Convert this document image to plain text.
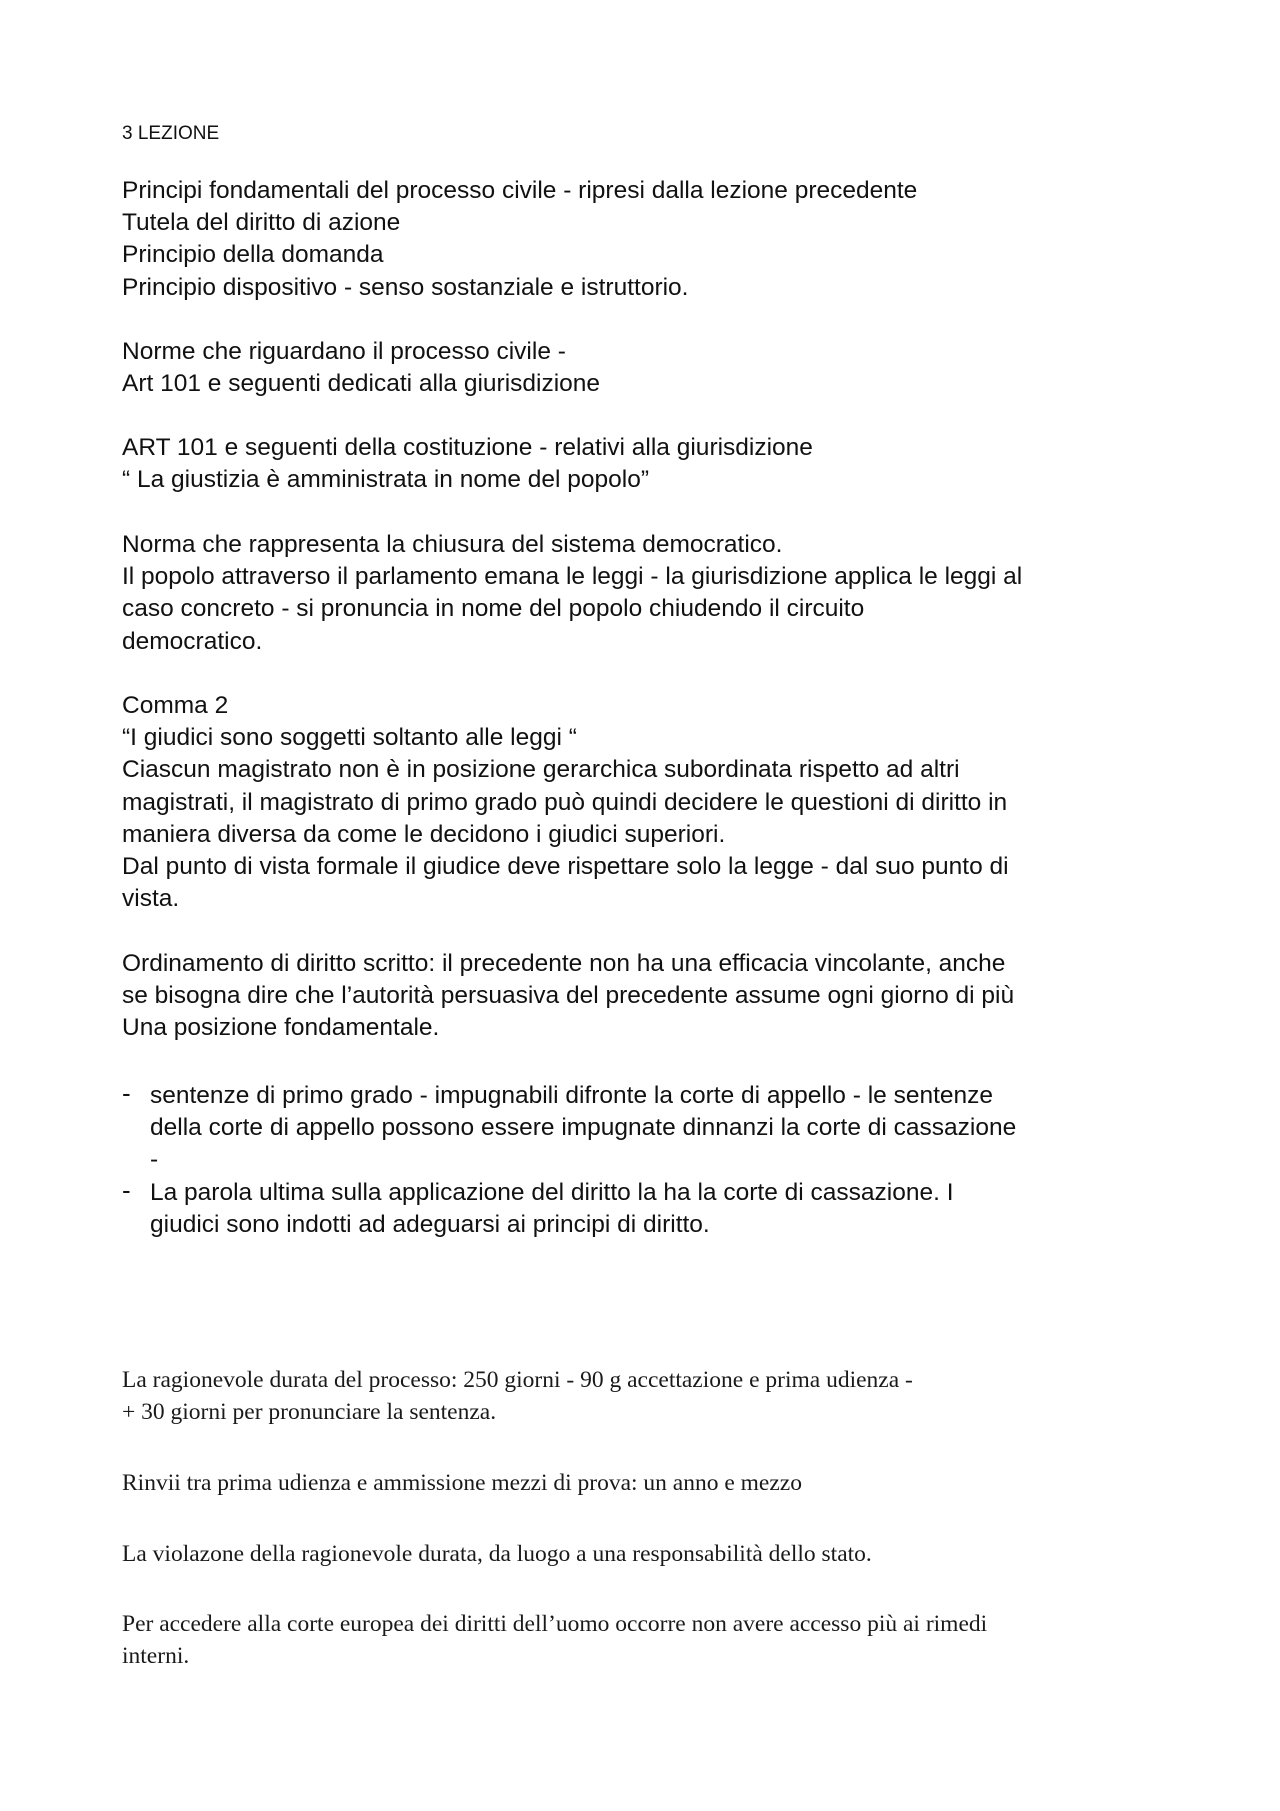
3 LEZIONE
Principi fondamentali del processo civile - ripresi dalla lezione precedente
Tutela del diritto di azione
Principio della domanda
Principio dispositivo - senso sostanziale e istruttorio.
Norme che riguardano il processo civile -
Art 101 e seguenti dedicati alla giurisdizione
ART 101 e seguenti della costituzione - relativi alla giurisdizione
“ La giustizia è amministrata in nome del popolo”
Norma che rappresenta la chiusura del sistema democratico.
Il popolo attraverso il parlamento emana le leggi - la giurisdizione applica le leggi al
caso concreto - si pronuncia in nome del popolo chiudendo il circuito
democratico.
Comma 2
“I giudici sono soggetti soltanto alle leggi “
Ciascun magistrato non è in posizione gerarchica subordinata rispetto ad altri
magistrati, il magistrato di primo grado può quindi decidere le questioni di diritto in
maniera diversa da come le decidono i giudici superiori.
Dal punto di vista formale il giudice deve rispettare solo la legge - dal suo punto di
vista.
Ordinamento di diritto scritto: il precedente non ha una efficacia vincolante, anche
se bisogna dire che l’autorità persuasiva del precedente assume ogni giorno di più
Una posizione fondamentale.
- sentenze di primo grado - impugnabili difronte la corte di appello - le sentenze
della corte di appello possono essere impugnate dinnanzi la corte di cassazione
-
- La parola ultima sulla applicazione del diritto la ha la corte di cassazione. I
giudici sono indotti ad adeguarsi ai principi di diritto.
La ragionevole durata del processo: 250 giorni - 90 g accettazione e prima udienza -
+ 30 giorni per pronunciare la sentenza.
Rinvii tra prima udienza e ammissione mezzi di prova: un anno e mezzo
La violazone della ragionevole durata, da luogo a una responsabilità dello stato.
Per accedere alla corte europea dei diritti dell’uomo occorre non avere accesso più ai rimedi
interni.
